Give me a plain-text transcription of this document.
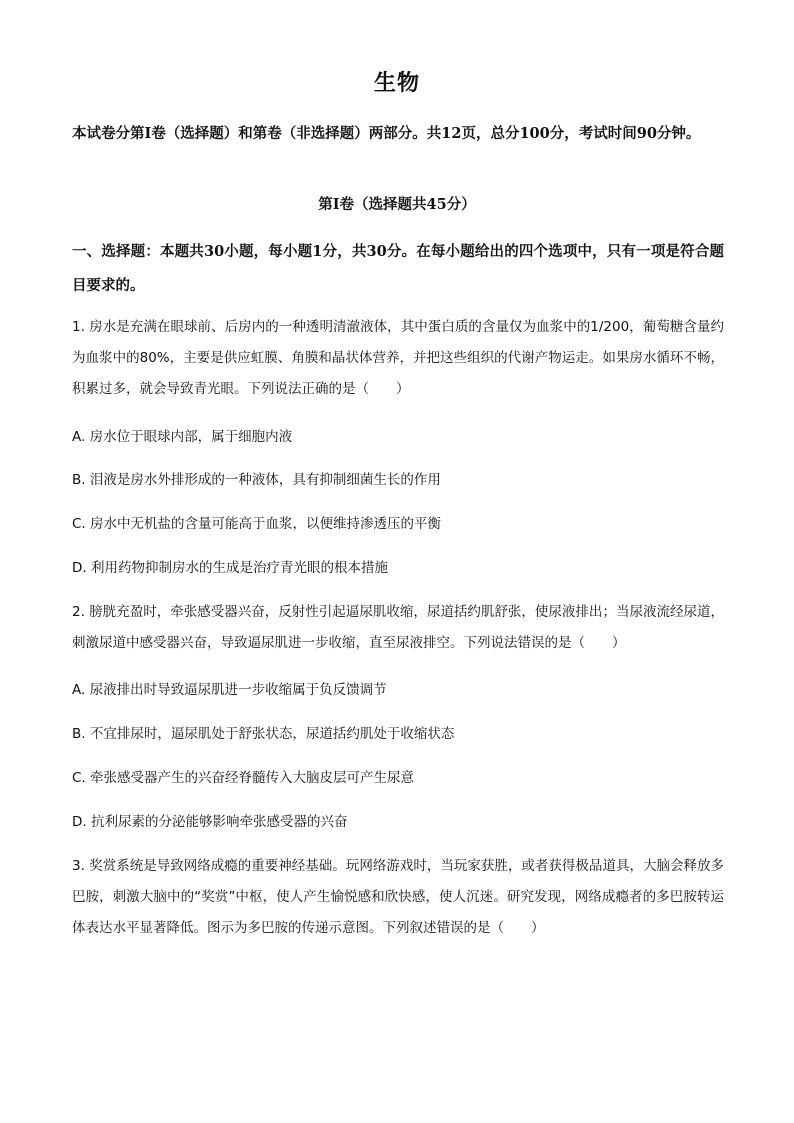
生物
本试卷分第Ⅰ卷（选择题）和第卷（非选择题）两部分。共12页，总分100分，考试时间90分钟。
第Ⅰ卷（选择题共45分）
一、选择题：本题共30小题，每小题1分，共30分。在每小题给出的四个选项中，只有一项是符合题目要求的。
1. 房水是充满在眼球前、后房内的一种透明清澈液体，其中蛋白质的含量仅为血浆中的1/200，葡萄糖含量约为血浆中的80%，主要是供应虹膜、角膜和晶状体营养，并把这些组织的代谢产物运走。如果房水循环不畅，积累过多，就会导致青光眼。下列说法正确的是（　　）
A. 房水位于眼球内部，属于细胞内液
B. 泪液是房水外排形成的一种液体，具有抑制细菌生长的作用
C. 房水中无机盐的含量可能高于血浆，以便维持渗透压的平衡
D. 利用药物抑制房水的生成是治疗青光眼的根本措施
2. 膀胱充盈时，牵张感受器兴奋，反射性引起逼尿肌收缩，尿道括约肌舒张，使尿液排出；当尿液流经尿道，刺激尿道中感受器兴奋，导致逼尿肌进一步收缩，直至尿液排空。下列说法错误的是（　　）
A. 尿液排出时导致逼尿肌进一步收缩属于负反馈调节
B. 不宜排尿时，逼尿肌处于舒张状态，尿道括约肌处于收缩状态
C. 牵张感受器产生的兴奋经脊髓传入大脑皮层可产生尿意
D. 抗利尿素的分泌能够影响牵张感受器的兴奋
3. 奖赏系统是导致网络成瘾的重要神经基础。玩网络游戏时，当玩家获胜，或者获得极品道具，大脑会释放多巴胺，刺激大脑中的“奖赏”中枢，使人产生愉悦感和欣快感，使人沉迷。研究发现，网络成瘾者的多巴胺转运体表达水平显著降低。图示为多巴胺的传递示意图。下列叙述错误的是（　　）
